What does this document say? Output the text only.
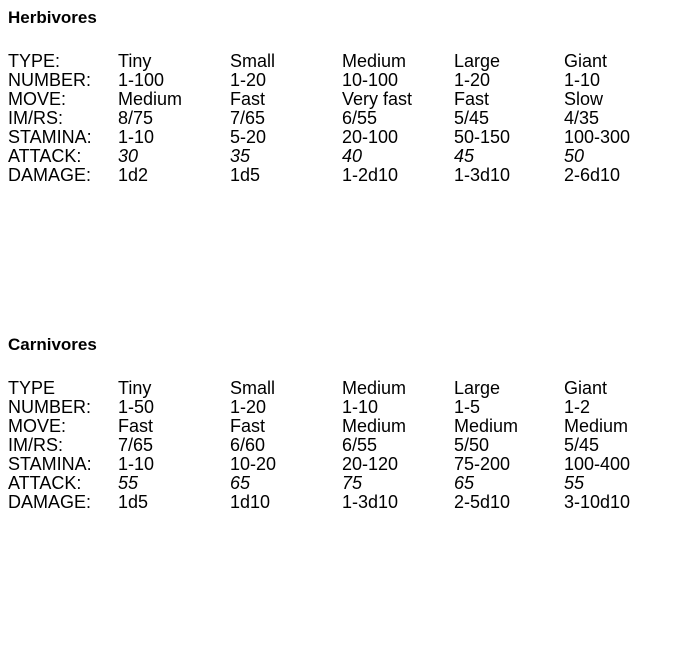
Herbivores
TYPE:	Tiny	Small	Medium	Large	Giant
NUMBER:	1-100	1-20	10-100	1-20	1-10
MOVE:	Medium	Fast	Very fast	Fast	Slow
IM/RS:	8/75	7/65	6/55	5/45	4/35
STAMINA:	1-10	5-20	20-100	50-150	100-300
ATTACK:	30	35	40	45	50
DAMAGE:	1d2	1d5	1-2d10	1-3d10	2-6d10
Carnivores
TYPE	Tiny	Small	Medium	Large	Giant
NUMBER:	1-50	1-20	1-10	1-5	1-2
MOVE:	Fast	Fast	Medium	Medium	Medium
IM/RS:	7/65	6/60	6/55	5/50	5/45
STAMINA:	1-10	10-20	20-120	75-200	100-400
ATTACK:	55	65	75	65	55
DAMAGE:	1d5	1d10	1-3d10	2-5d10	3-10d10
